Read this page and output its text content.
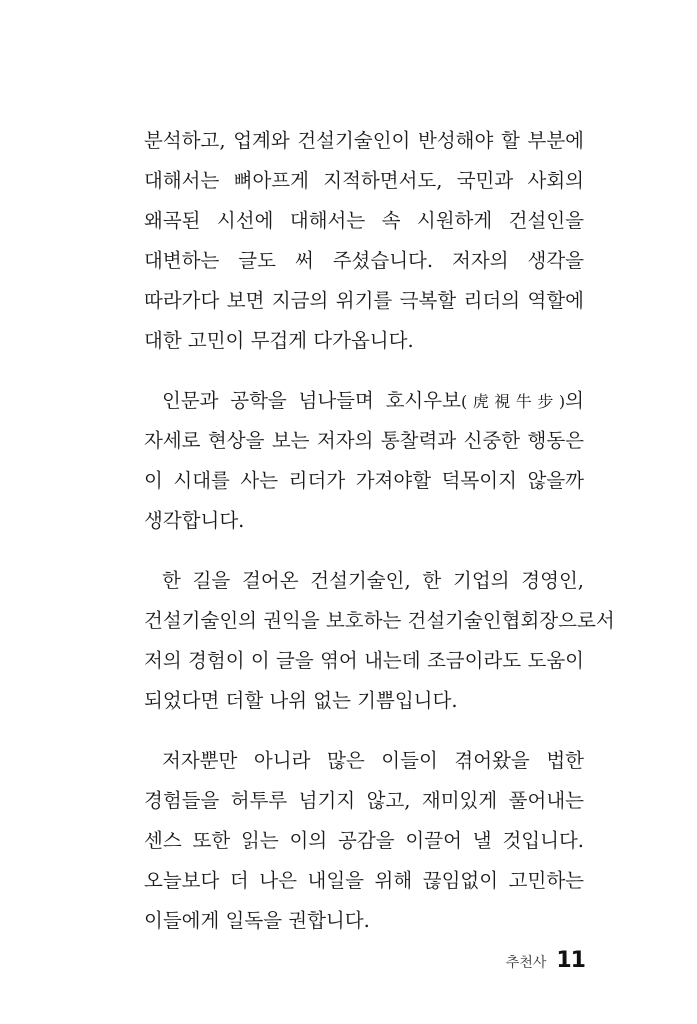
분석하고, 업계와 건설기술인이 반성해야 할 부분에
대해서는 뼈아프게 지적하면서도, 국민과 사회의
왜곡된 시선에 대해서는 속 시원하게 건설인을
대변하는 글도 써 주셨습니다. 저자의 생각을
따라가다 보면 지금의 위기를 극복할 리더의 역할에
대한 고민이 무겁게 다가옵니다.
인문과 공학을 넘나들며 호시우보(虎視牛步)의
자세로 현상을 보는 저자의 통찰력과 신중한 행동은
이 시대를 사는 리더가 가져야할 덕목이지 않을까
생각합니다.
한 길을 걸어온 건설기술인, 한 기업의 경영인,
건설기술인의 권익을 보호하는 건설기술인협회장으로서
저의 경험이 이 글을 엮어 내는데 조금이라도 도움이
되었다면 더할 나위 없는 기쁨입니다.
저자뿐만 아니라 많은 이들이 겪어왔을 법한
경험들을 허투루 넘기지 않고, 재미있게 풀어내는
센스 또한 읽는 이의 공감을 이끌어 낼 것입니다.
오늘보다 더 나은 내일을 위해 끊임없이 고민하는
이들에게 일독을 권합니다.
추천사 11
